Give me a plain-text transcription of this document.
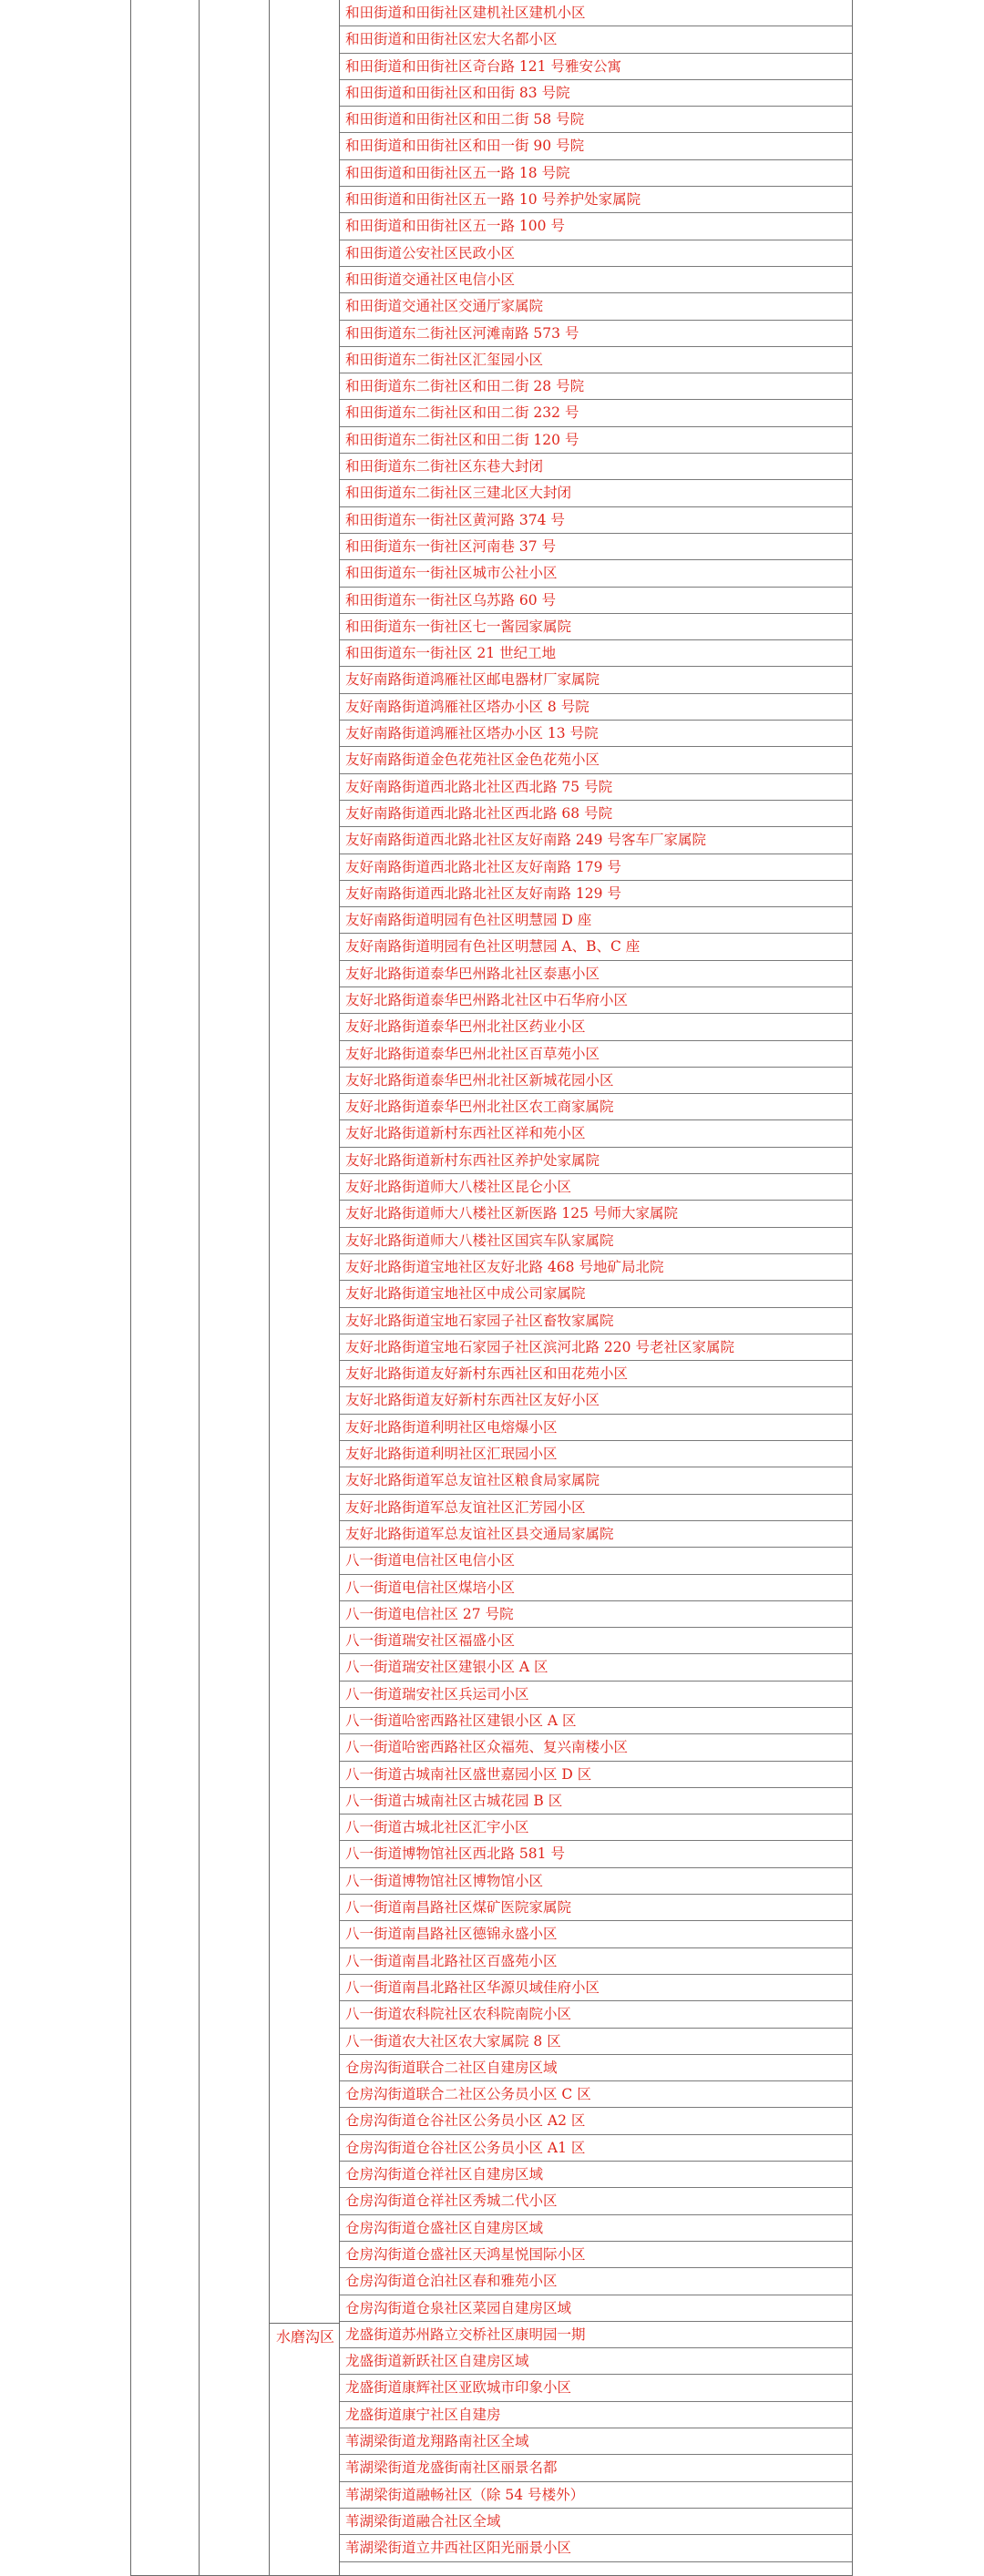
水磨沟区
和田街道和田街社区建机社区建机小区
和田街道和田街社区宏大名都小区
和田街道和田街社区奇台路 121 号雅安公寓
和田街道和田街社区和田街 83 号院
和田街道和田街社区和田二街 58 号院
和田街道和田街社区和田一街 90 号院
和田街道和田街社区五一路 18 号院
和田街道和田街社区五一路 10 号养护处家属院
和田街道和田街社区五一路 100 号
和田街道公安社区民政小区
和田街道交通社区电信小区
和田街道交通社区交通厅家属院
和田街道东二街社区河滩南路 573 号
和田街道东二街社区汇玺园小区
和田街道东二街社区和田二街 28 号院
和田街道东二街社区和田二街 232 号
和田街道东二街社区和田二街 120 号
和田街道东二街社区东巷大封闭
和田街道东二街社区三建北区大封闭
和田街道东一街社区黄河路 374 号
和田街道东一街社区河南巷 37 号
和田街道东一街社区城市公社小区
和田街道东一街社区乌苏路 60 号
和田街道东一街社区七一酱园家属院
和田街道东一街社区 21 世纪工地
友好南路街道鸿雁社区邮电器材厂家属院
友好南路街道鸿雁社区塔办小区 8 号院
友好南路街道鸿雁社区塔办小区 13 号院
友好南路街道金色花苑社区金色花苑小区
友好南路街道西北路北社区西北路 75 号院
友好南路街道西北路北社区西北路 68 号院
友好南路街道西北路北社区友好南路 249 号客车厂家属院
友好南路街道西北路北社区友好南路 179 号
友好南路街道西北路北社区友好南路 129 号
友好南路街道明园有色社区明慧园 D 座
友好南路街道明园有色社区明慧园 A、B、C 座
友好北路街道泰华巴州路北社区泰惠小区
友好北路街道泰华巴州路北社区中石华府小区
友好北路街道泰华巴州北社区药业小区
友好北路街道泰华巴州北社区百草苑小区
友好北路街道泰华巴州北社区新城花园小区
友好北路街道泰华巴州北社区农工商家属院
友好北路街道新村东西社区祥和苑小区
友好北路街道新村东西社区养护处家属院
友好北路街道师大八楼社区昆仑小区
友好北路街道师大八楼社区新医路 125 号师大家属院
友好北路街道师大八楼社区国宾车队家属院
友好北路街道宝地社区友好北路 468 号地矿局北院
友好北路街道宝地社区中成公司家属院
友好北路街道宝地石家园子社区畜牧家属院
友好北路街道宝地石家园子社区滨河北路 220 号老社区家属院
友好北路街道友好新村东西社区和田花苑小区
友好北路街道友好新村东西社区友好小区
友好北路街道利明社区电熔爆小区
友好北路街道利明社区汇珉园小区
友好北路街道军总友谊社区粮食局家属院
友好北路街道军总友谊社区汇芳园小区
友好北路街道军总友谊社区县交通局家属院
八一街道电信社区电信小区
八一街道电信社区煤培小区
八一街道电信社区 27 号院
八一街道瑞安社区福盛小区
八一街道瑞安社区建银小区 A 区
八一街道瑞安社区兵运司小区
八一街道哈密西路社区建银小区 A 区
八一街道哈密西路社区众福苑、复兴南楼小区
八一街道古城南社区盛世嘉园小区 D 区
八一街道古城南社区古城花园 B 区
八一街道古城北社区汇宇小区
八一街道博物馆社区西北路 581 号
八一街道博物馆社区博物馆小区
八一街道南昌路社区煤矿医院家属院
八一街道南昌路社区德锦永盛小区
八一街道南昌北路社区百盛苑小区
八一街道南昌北路社区华源贝域佳府小区
八一街道农科院社区农科院南院小区
八一街道农大社区农大家属院 8 区
仓房沟街道联合二社区自建房区域
仓房沟街道联合二社区公务员小区 C 区
仓房沟街道仓谷社区公务员小区 A2 区
仓房沟街道仓谷社区公务员小区 A1 区
仓房沟街道仓祥社区自建房区域
仓房沟街道仓祥社区秀城二代小区
仓房沟街道仓盛社区自建房区域
仓房沟街道仓盛社区天鸿星悦国际小区
仓房沟街道仓泊社区春和雅苑小区
仓房沟街道仓泉社区菜园自建房区域
龙盛街道苏州路立交桥社区康明园一期
龙盛街道新跃社区自建房区域
龙盛街道康辉社区亚欧城市印象小区
龙盛街道康宁社区自建房
苇湖梁街道龙翔路南社区全域
苇湖梁街道龙盛街南社区丽景名都
苇湖梁街道融畅社区（除 54 号楼外）
苇湖梁街道融合社区全域
苇湖梁街道立井西社区阳光丽景小区
